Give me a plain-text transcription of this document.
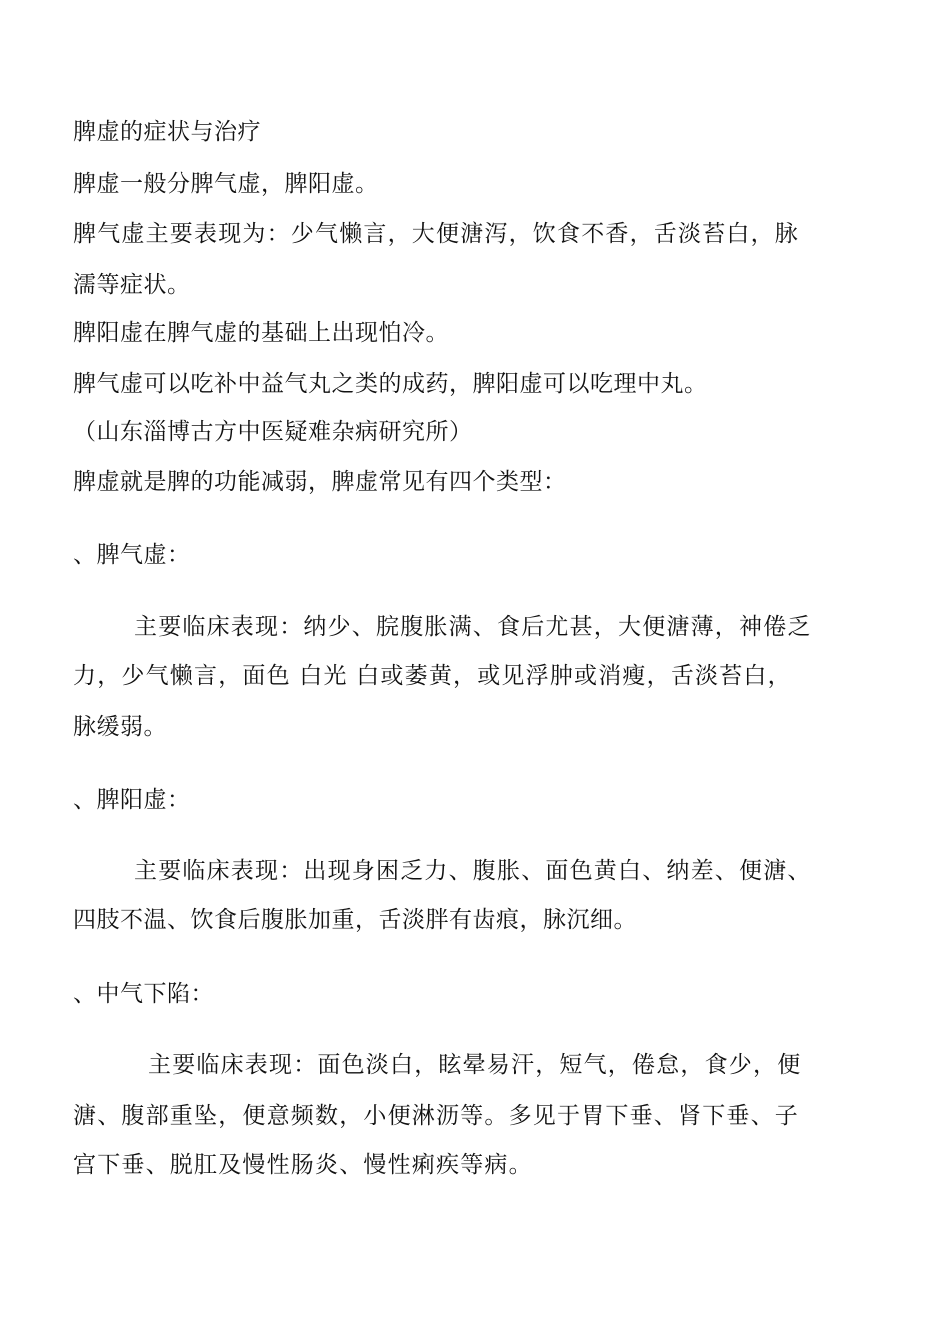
脾虚的症状与治疗
脾虚一般分脾气虚，脾阳虚。
脾气虚主要表现为：少气懒言，大便溏泻，饮食不香，舌淡苔白，脉
濡等症状。
脾阳虚在脾气虚的基础上出现怕冷。
脾气虚可以吃补中益气丸之类的成药，脾阳虚可以吃理中丸。
（山东淄博古方中医疑难杂病研究所）
脾虚就是脾的功能减弱，脾虚常见有四个类型：
、脾气虚：
主要临床表现：纳少、脘腹胀满、食后尤甚，大便溏薄，神倦乏
力，少气懒言，面色 白光 白或萎黄，或见浮肿或消瘦，舌淡苔白，
脉缓弱。
、脾阳虚：
主要临床表现：出现身困乏力、腹胀、面色黄白、纳差、便溏、
四肢不温、饮食后腹胀加重，舌淡胖有齿痕，脉沉细。
、中气下陷：
主要临床表现：面色淡白，眩晕易汗，短气，倦怠，食少，便
溏、腹部重坠，便意频数，小便淋沥等。多见于胃下垂、肾下垂、子
宫下垂、脱肛及慢性肠炎、慢性痢疾等病。
